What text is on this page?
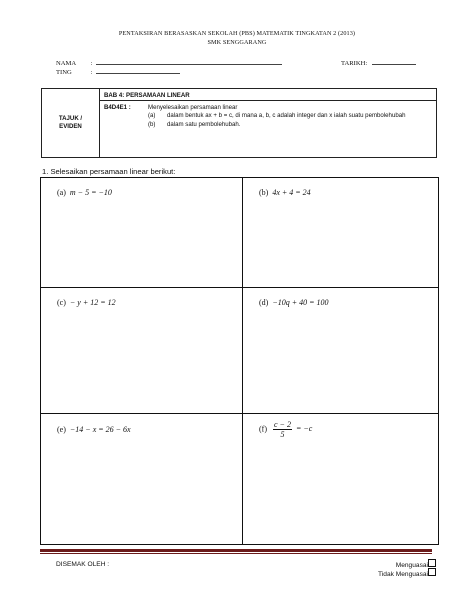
PENTAKSIRAN BERASASKAN SEKOLAH (PBS) MATEMATIK TINGKATAN 2 (2013)
SMK SENGGARANG
NAMA :	TARIKH:
TING	:
TAJUK /
EVIDEN
BAB 4: PERSAMAAN LINEAR
B4D4E1 :	Menyelesaikan persamaan linear
(a)	dalam bentuk ax + b = c, di mana a, b, c adalah integer dan x ialah suatu pembolehubah
(b)	dalam satu pembolehubah.
1. Selesaikan persamaan linear berikut:
(a) m − 5 = −10	(b) 4x + 4 = 24
(c) − y + 12 = 12	(d) −10q + 40 = 100
(e) −14 − x = 26 − 6x	$(f) \frac{c - 2}{5} = -c$
DISEMAK OLEH :	Menguasai
Tidak Menguasai
